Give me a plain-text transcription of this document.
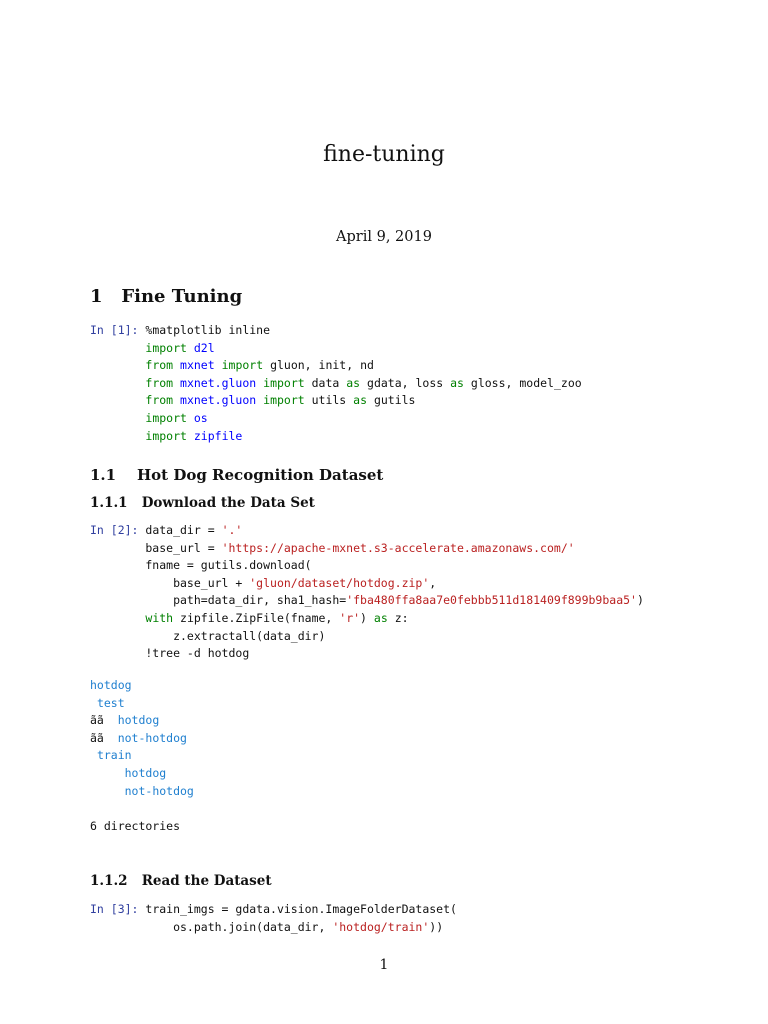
fine-tuning
April 9, 2019
1 Fine Tuning
In [1]: %matplotlib inline
import d2l
from mxnet import gluon, init, nd
from mxnet.gluon import data as gdata, loss as gloss, model_zoo
from mxnet.gluon import utils as gutils
import os
import zipfile
1.1 Hot Dog Recognition Dataset
1.1.1 Download the Data Set
In [2]: data_dir = '.'
base_url = 'https://apache-mxnet.s3-accelerate.amazonaws.com/'
fname = gutils.download(
base_url + 'gluon/dataset/hotdog.zip',
path=data_dir, sha1_hash='fba480ffa8aa7e0febbb511d181409f899b9baa5')
with zipfile.ZipFile(fname, 'r') as z:
z.extractall(data_dir)
!tree -d hotdog
hotdog
test
ãã  hotdog
ãã  not-hotdog
train
hotdog
not-hotdog

6 directories
1.1.2 Read the Dataset
In [3]: train_imgs = gdata.vision.ImageFolderDataset(
os.path.join(data_dir, 'hotdog/train'))
1
